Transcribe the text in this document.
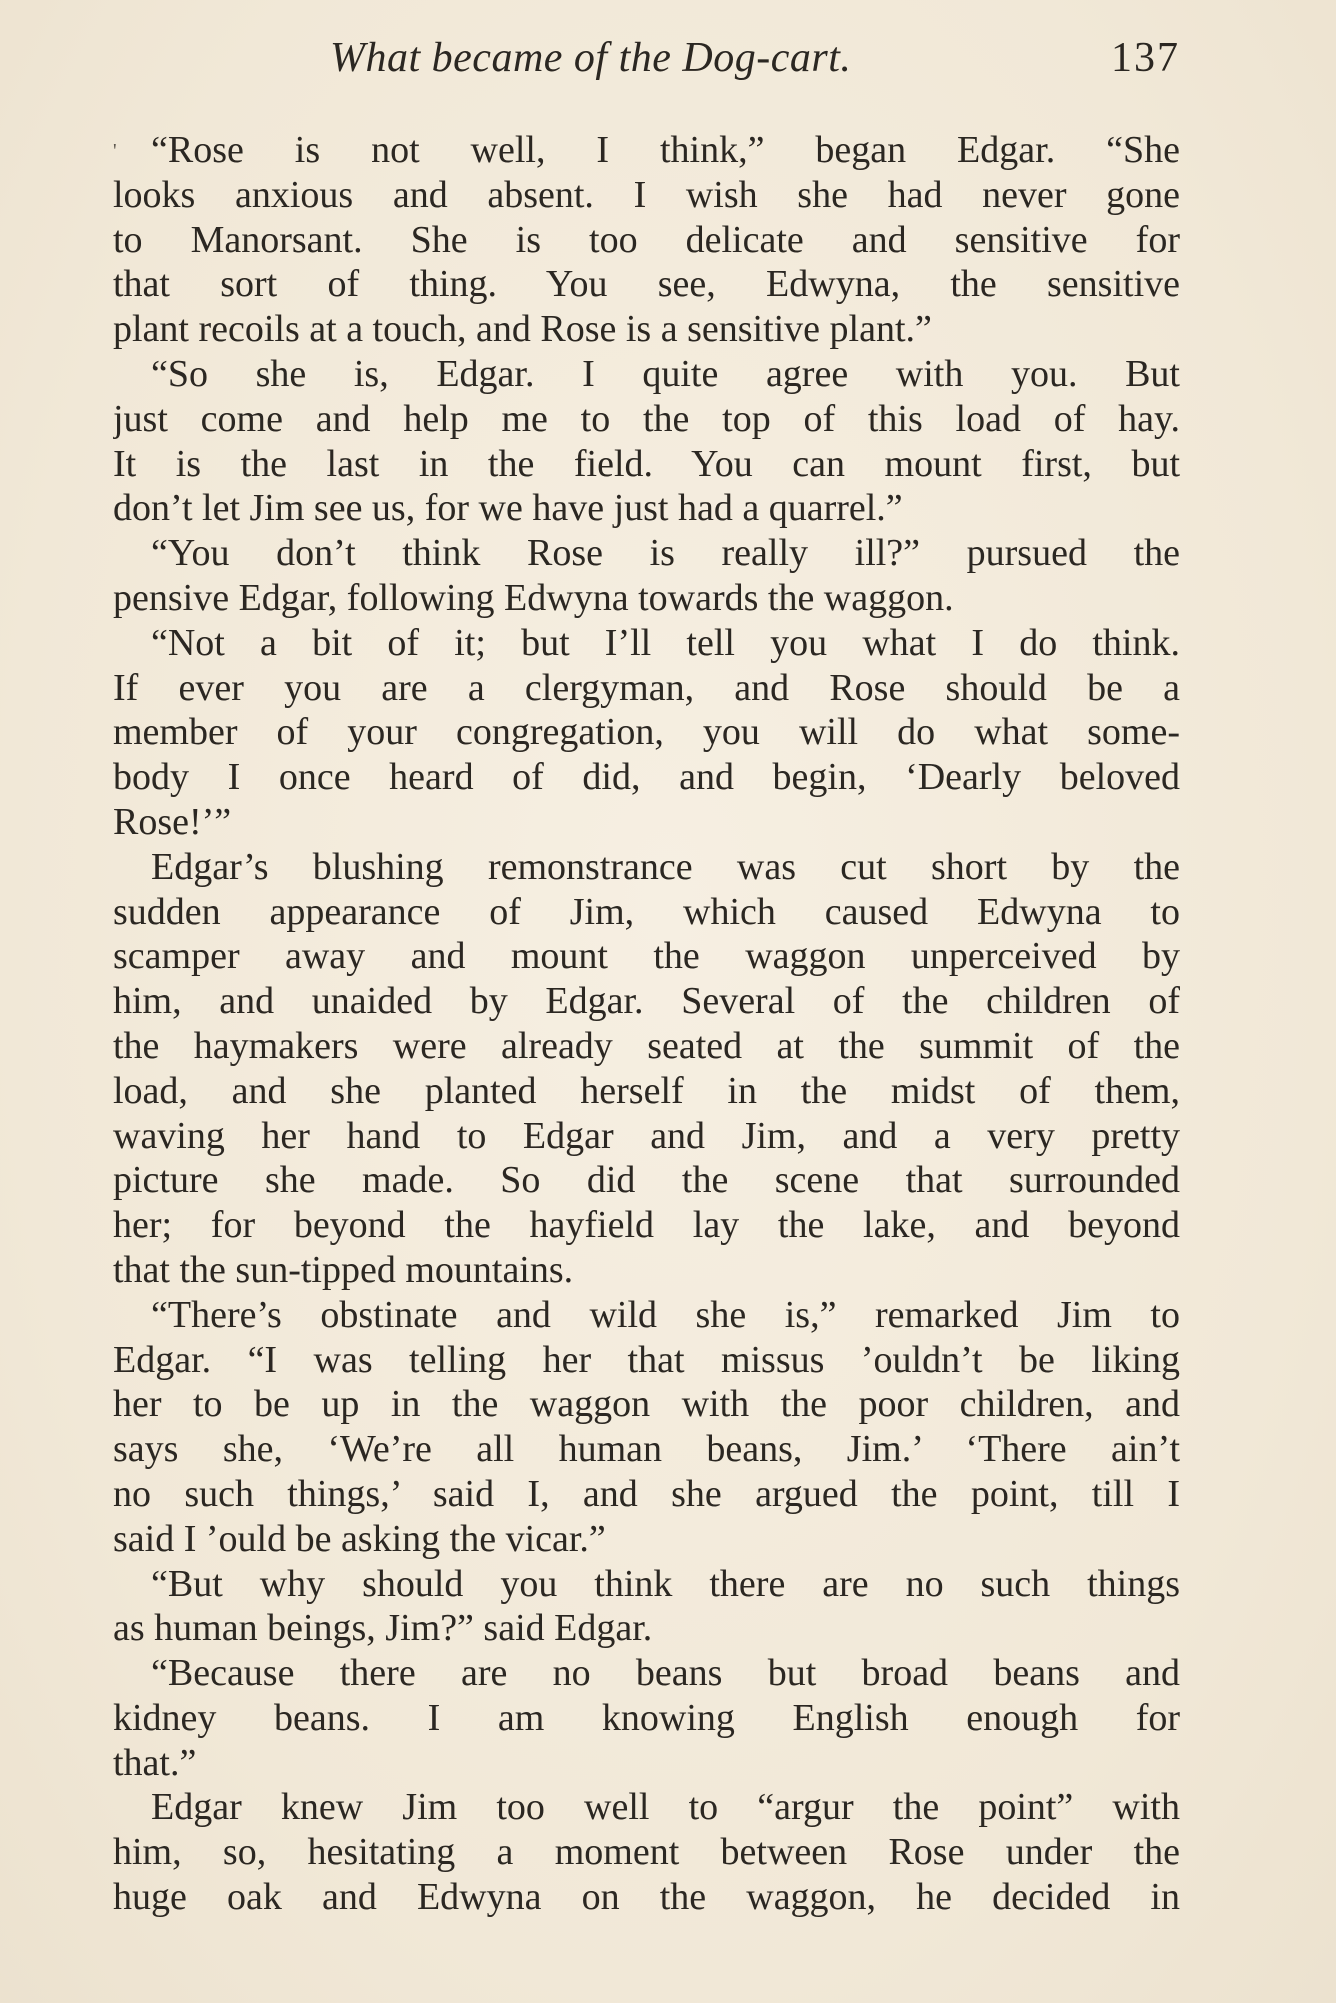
What became of the Dog-cart.	137
' “Rose is not well, I think,” began Edgar. “She
looks anxious and absent. I wish she had never gone
to Manorsant. She is too delicate and sensitive for
that sort of thing. You see, Edwyna, the sensitive
plant recoils at a touch, and Rose is a sensitive plant.”
“So she is, Edgar. I quite agree with you. But
just come and help me to the top of this load of hay.
It is the last in the field. You can mount first, but
don’t let Jim see us, for we have just had a quarrel.”
“You don’t think Rose is really ill?” pursued the
pensive Edgar, following Edwyna towards the waggon.
“Not a bit of it; but I’ll tell you what I do think.
If ever you are a clergyman, and Rose should be a
member of your congregation, you will do what some-
body I once heard of did, and begin, ‘Dearly beloved
Rose!’”
Edgar’s blushing remonstrance was cut short by the
sudden appearance of Jim, which caused Edwyna to
scamper away and mount the waggon unperceived by
him, and unaided by Edgar. Several of the children of
the haymakers were already seated at the summit of the
load, and she planted herself in the midst of them,
waving her hand to Edgar and Jim, and a very pretty
picture she made. So did the scene that surrounded
her; for beyond the hayfield lay the lake, and beyond
that the sun-tipped mountains.
“There’s obstinate and wild she is,” remarked Jim to
Edgar. “I was telling her that missus ’ouldn’t be liking
her to be up in the waggon with the poor children, and
says she, ‘We’re all human beans, Jim.’ ‘There ain’t
no such things,’ said I, and she argued the point, till I
said I ’ould be asking the vicar.”
“But why should you think there are no such things
as human beings, Jim?” said Edgar.
“Because there are no beans but broad beans and
kidney beans. I am knowing English enough for
that.”
Edgar knew Jim too well to “argur the point” with
him, so, hesitating a moment between Rose under the
huge oak and Edwyna on the waggon, he decided in
